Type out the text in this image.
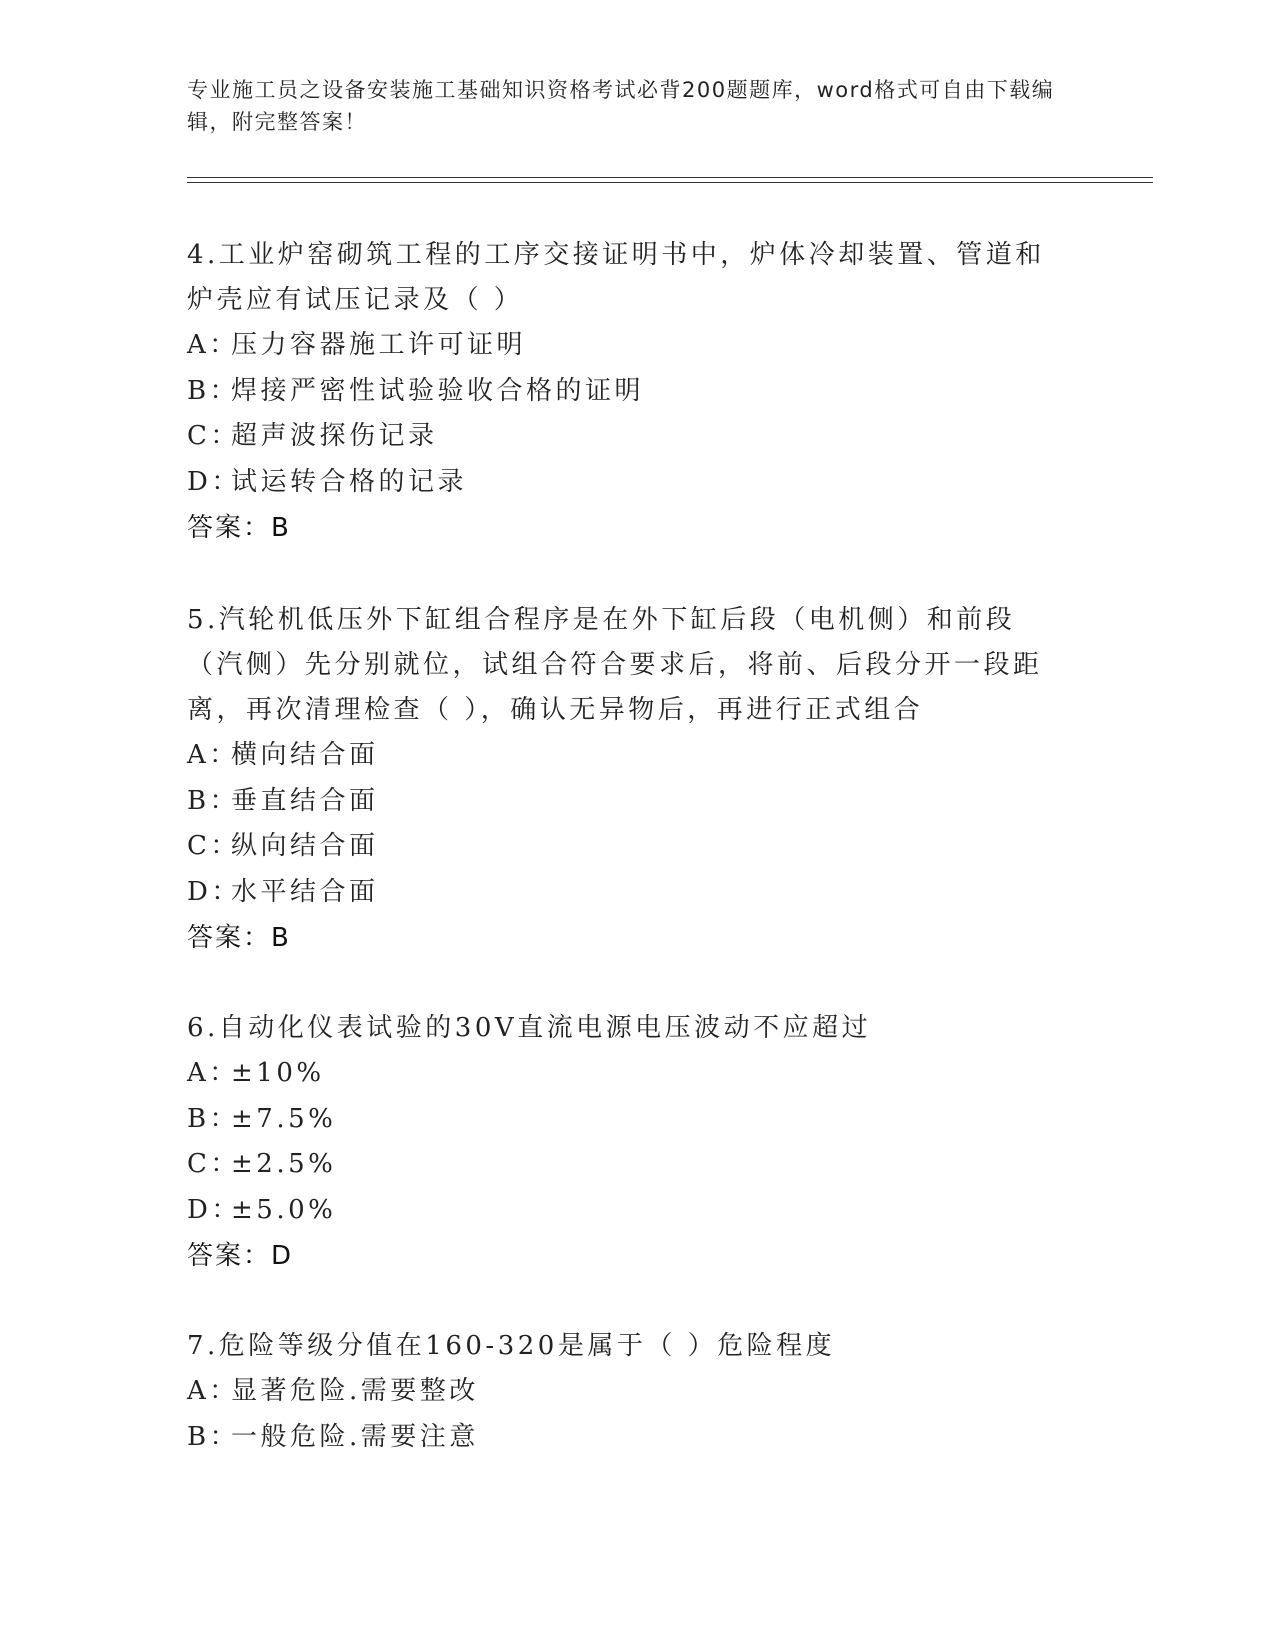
专业施工员之设备安装施工基础知识资格考试必背200题题库，word格式可自由下载编辑，附完整答案！

4.工业炉窑砌筑工程的工序交接证明书中，炉体冷却装置、管道和炉壳应有试压记录及（ ）

A：压力容器施工许可证明

B：焊接严密性试验验收合格的证明

C：超声波探伤记录

D：试运转合格的记录

答案：B

5.汽轮机低压外下缸组合程序是在外下缸后段（电机侧）和前段（汽侧）先分别就位，试组合符合要求后，将前、后段分开一段距离，再次清理检查（ ），确认无异物后，再进行正式组合

A：横向结合面

B：垂直结合面

C：纵向结合面

D：水平结合面

答案：B

6.自动化仪表试验的30V直流电源电压波动不应超过

A：±10%

B：±7.5%

C：±2.5%

D：±5.0%

答案：D

7.危险等级分值在160-320是属于（ ）危险程度

A：显著危险.需要整改

B：一般危险.需要注意
